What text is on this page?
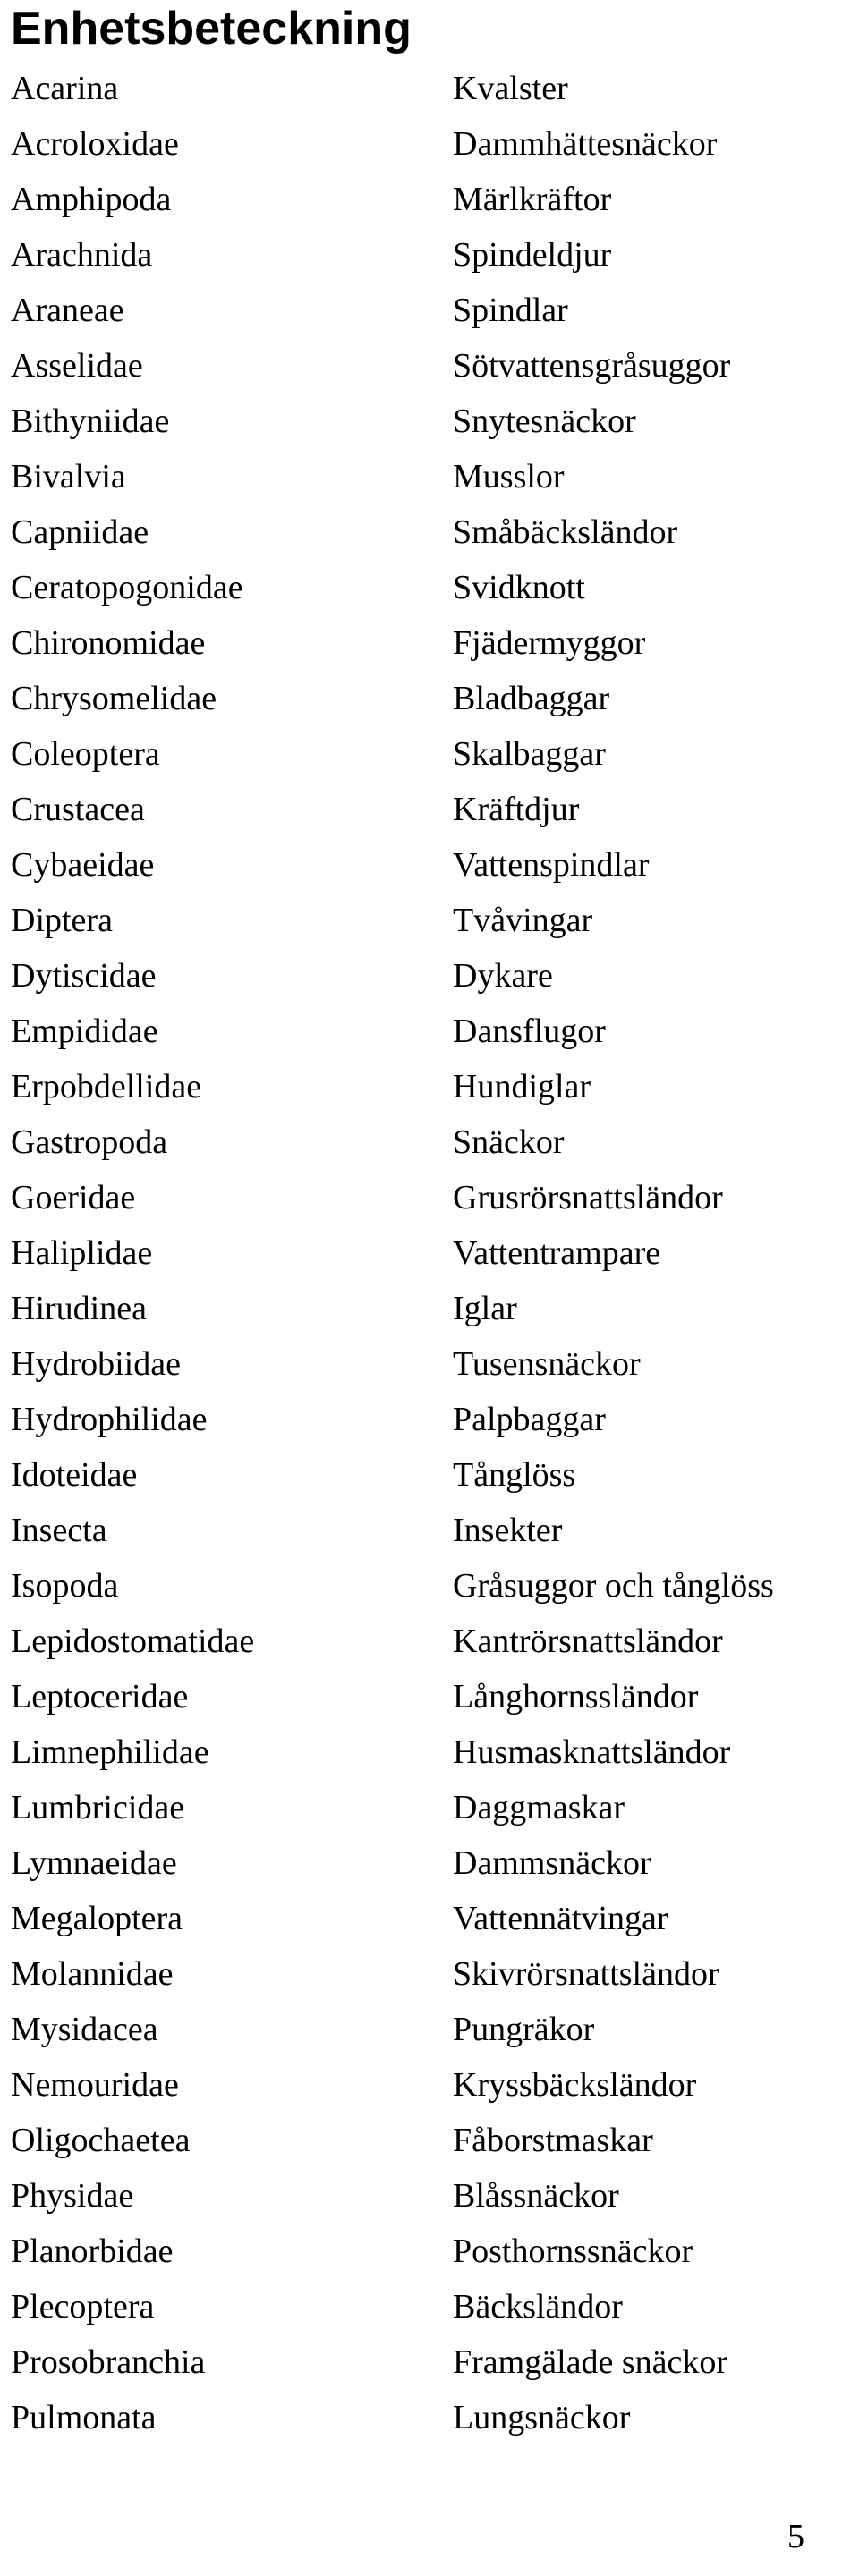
Enhetsbeteckning
Acarina	Kvalster
Acroloxidae	Dammhättesnäckor
Amphipoda	Märlkräftor
Arachnida	Spindeldjur
Araneae	Spindlar
Asselidae	Sötvattensgråsuggor
Bithyniidae	Snytesnäckor
Bivalvia	Musslor
Capniidae	Småbäcksländor
Ceratopogonidae	Svidknott
Chironomidae	Fjädermyggor
Chrysomelidae	Bladbaggar
Coleoptera	Skalbaggar
Crustacea	Kräftdjur
Cybaeidae	Vattenspindlar
Diptera	Tvåvingar
Dytiscidae	Dykare
Empididae	Dansflugor
Erpobdellidae	Hundiglar
Gastropoda	Snäckor
Goeridae	Grusrörsnattsländor
Haliplidae	Vattentrampare
Hirudinea	Iglar
Hydrobiidae	Tusensnäckor
Hydrophilidae	Palpbaggar
Idoteidae	Tånglöss
Insecta	Insekter
Isopoda	Gråsuggor och tånglöss
Lepidostomatidae	Kantrörsnattsländor
Leptoceridae	Långhornssländor
Limnephilidae	Husmasknattsländor
Lumbricidae	Daggmaskar
Lymnaeidae	Dammsnäckor
Megaloptera	Vattennätvingar
Molannidae	Skivrörsnattsländor
Mysidacea	Pungräkor
Nemouridae	Kryssbäcksländor
Oligochaetea	Fåborstmaskar
Physidae	Blåssnäckor
Planorbidae	Posthornssnäckor
Plecoptera	Bäcksländor
Prosobranchia	Framgälade snäckor
Pulmonata	Lungsnäckor
5
